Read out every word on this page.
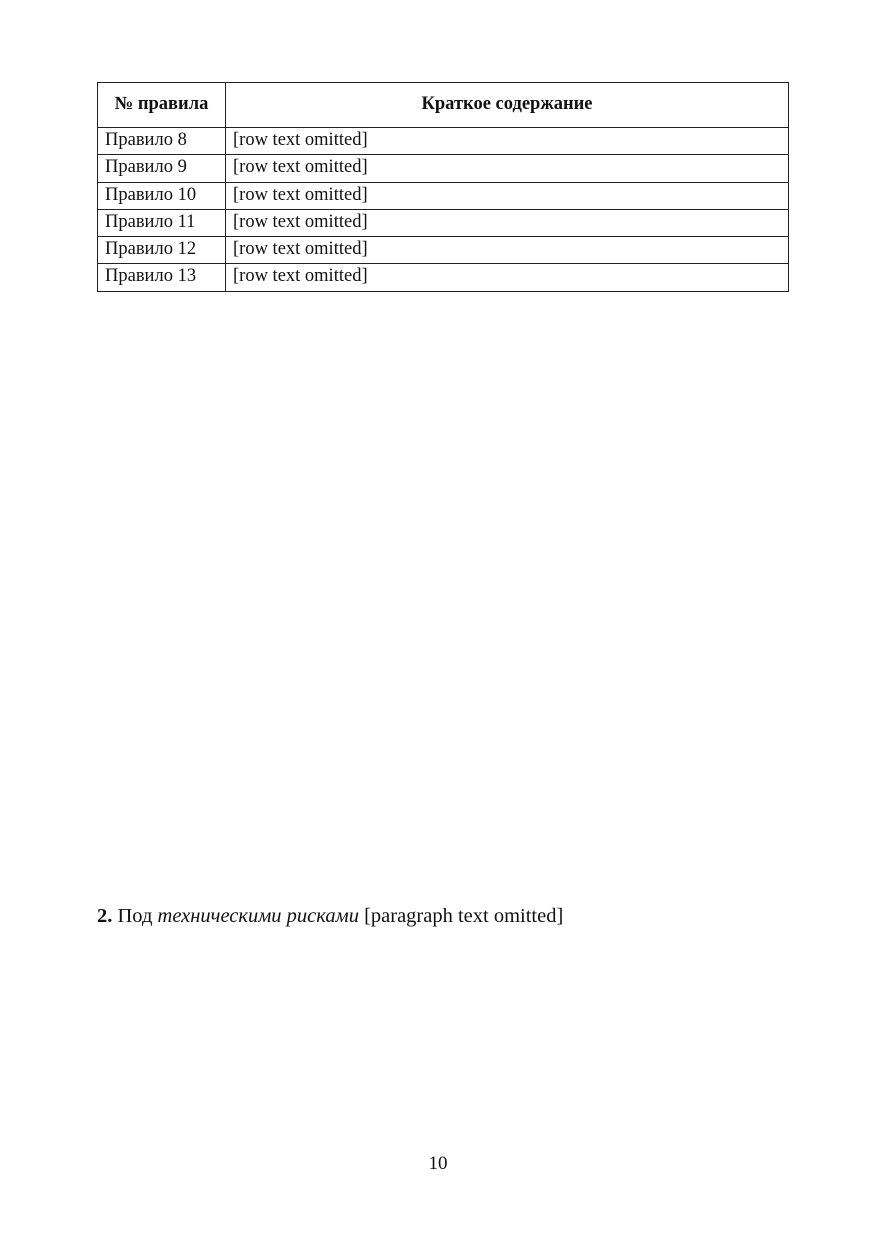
№ правила	Краткое содержание
Правило 8	[row text omitted]
Правило 9	[row text omitted]
Правило 10	[row text omitted]
Правило 11	[row text omitted]
Правило 12	[row text omitted]
Правило 13	[row text omitted]

2. Под техническими рисками [paragraph text omitted]

10
